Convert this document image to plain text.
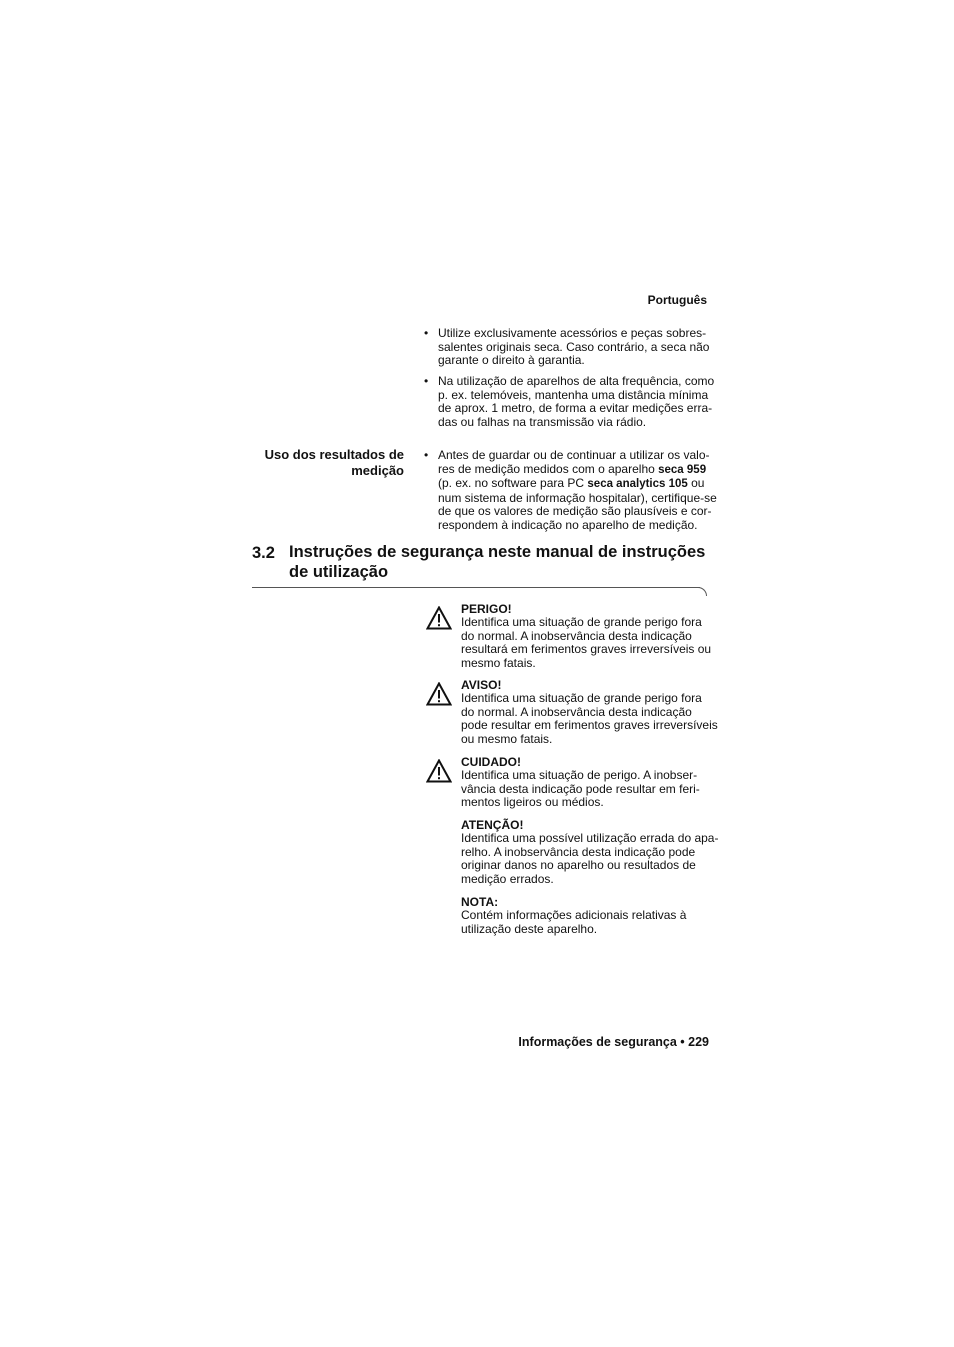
Português
• Utilize exclusivamente acessórios e peças sobres-
salentes originais seca. Caso contrário, a seca não
garante o direito à garantia.
• Na utilização de aparelhos de alta frequência, como
p. ex. telemóveis, mantenha uma distância mínima
de aprox. 1 metro, de forma a evitar medições erra-
das ou falhas na transmissão via rádio.
Uso dos resultados de
medição
• Antes de guardar ou de continuar a utilizar os valo-
res de medição medidos com o aparelho seca 959
(p. ex. no software para PC seca analytics 105 ou
num sistema de informação hospitalar), certifique-se
de que os valores de medição são plausíveis e cor-
respondem à indicação no aparelho de medição.
3.2 Instruções de segurança neste manual de instruções
de utilização
PERIGO!
Identifica uma situação de grande perigo fora
do normal. A inobservância desta indicação
resultará em ferimentos graves irreversíveis ou
mesmo fatais.
AVISO!
Identifica uma situação de grande perigo fora
do normal. A inobservância desta indicação
pode resultar em ferimentos graves irreversíveis
ou mesmo fatais.
CUIDADO!
Identifica uma situação de perigo. A inobser-
vância desta indicação pode resultar em feri-
mentos ligeiros ou médios.
ATENÇÃO!
Identifica uma possível utilização errada do apa-
relho. A inobservância desta indicação pode
originar danos no aparelho ou resultados de
medição errados.
NOTA:
Contém informações adicionais relativas à
utilização deste aparelho.
Informações de segurança • 229
